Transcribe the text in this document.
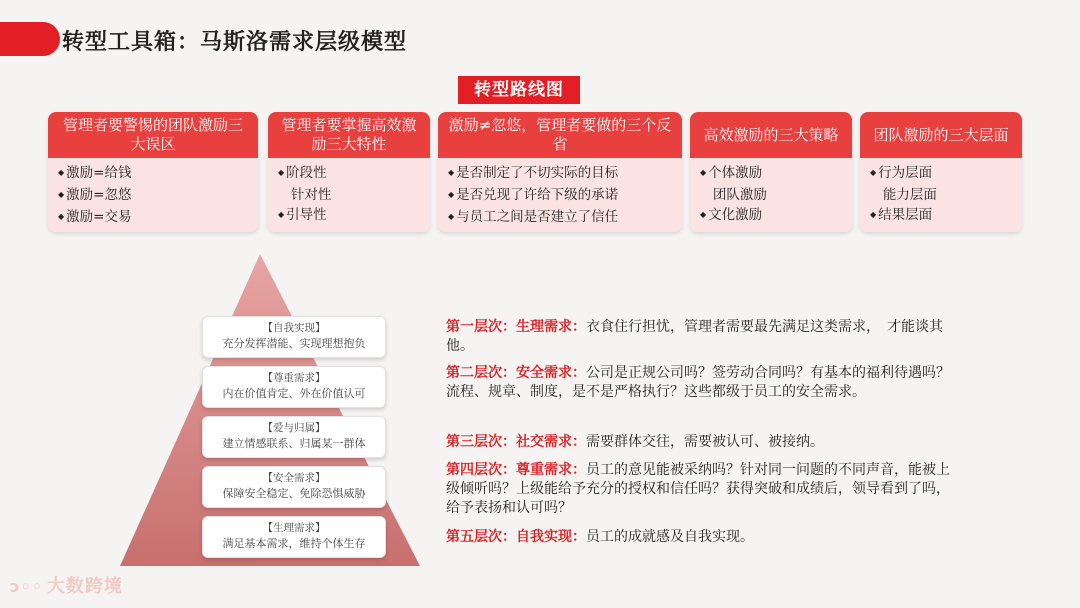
转型工具箱：马斯洛需求层级模型
转型路线图
管理者要警惕的团队激励三大误区
◆ 激励=给钱
◆ 激励=忽悠
◆ 激励=交易
管理者要掌握高效激励三大特性
◆ 阶段性
针对性
◆ 引导性
激励≠忽悠，管理者要做的三个反省
◆ 是否制定了不切实际的目标
◆ 是否兑现了许给下级的承诺
◆ 与员工之间是否建立了信任
高效激励的三大策略
◆ 个体激励
团队激励
◆ 文化激励
团队激励的三大层面
◆ 行为层面
能力层面
◆ 结果层面
【自我实现】
充分发挥潜能、实现理想抱负
【尊重需求】
内在价值肯定、外在价值认可
【爱与归属】
建立情感联系、归属某一群体
【安全需求】
保障安全稳定、免除恐惧威胁
【生理需求】
满足基本需求，维持个体生存
第一层次：生理需求：衣食住行担忧，管理者需要最先满足这类需求，　才能谈其他。
第二层次：安全需求：公司是正规公司吗？签劳动合同吗？有基本的福利待遇吗？流程、规章、制度，是不是严格执行？这些都级于员工的安全需求。
第三层次：社交需求：需要群体交往，需要被认可、被接纳。
第四层次：尊重需求：员工的意见能被采纳吗？针对同一问题的不同声音，能被上级倾听吗？上级能给予充分的授权和信任吗？获得突破和成绩后，领导看到了吗，给予表扬和认可吗？
第五层次：自我实现：员工的成就感及自我实现。
ↄ◦◦ 大数跨境
